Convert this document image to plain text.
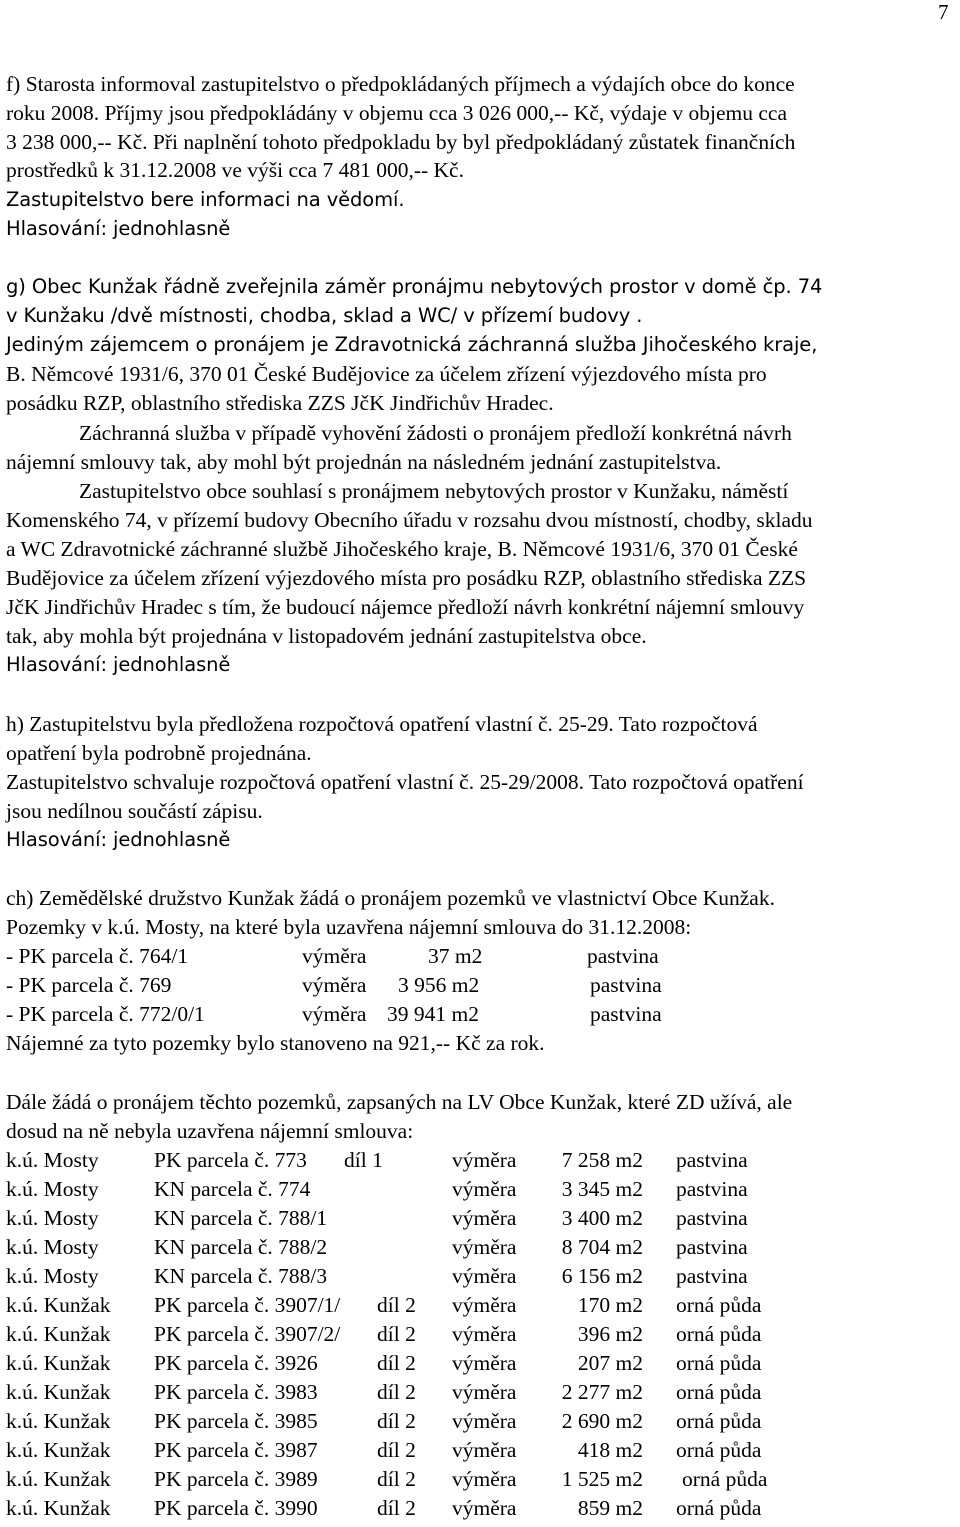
7
f) Starosta informoval zastupitelstvo o předpokládaných příjmech a výdajích obce do konce
roku 2008. Příjmy jsou předpokládány v objemu cca 3 026 000,-- Kč, výdaje v objemu cca
3 238 000,-- Kč. Při naplnění tohoto předpokladu by byl předpokládaný zůstatek finančních
prostředků k 31.12.2008 ve výši cca 7 481 000,-- Kč.
Zastupitelstvo bere informaci na vědomí.
Hlasování: jednohlasně
g) Obec Kunžak řádně zveřejnila záměr pronájmu nebytových prostor v domě čp. 74
v Kunžaku /dvě místnosti, chodba, sklad a WC/ v přízemí budovy .
Jediným zájemcem o pronájem je Zdravotnická záchranná služba Jihočeského kraje,
B. Němcové 1931/6, 370 01 České Budějovice za účelem zřízení výjezdového místa pro
posádku RZP, oblastního střediska ZZS JčK Jindřichův Hradec.
Záchranná služba v případě vyhovění žádosti o pronájem předloží konkrétná návrh
nájemní smlouvy tak, aby mohl být projednán na následném jednání zastupitelstva.
Zastupitelstvo obce souhlasí s pronájmem nebytových prostor v Kunžaku, náměstí
Komenského 74, v přízemí budovy Obecního úřadu v rozsahu dvou místností, chodby, skladu
a WC Zdravotnické záchranné službě Jihočeského kraje, B. Němcové 1931/6, 370 01 České
Budějovice za účelem zřízení výjezdového místa pro posádku RZP, oblastního střediska ZZS
JčK Jindřichův Hradec s tím, že budoucí nájemce předloží návrh konkrétní nájemní smlouvy
tak, aby mohla být projednána v listopadovém jednání zastupitelstva obce.
Hlasování: jednohlasně
h) Zastupitelstvu byla předložena rozpočtová opatření vlastní č. 25-29. Tato rozpočtová
opatření byla podrobně projednána.
Zastupitelstvo schvaluje rozpočtová opatření vlastní č. 25-29/2008. Tato rozpočtová opatření
jsou nedílnou součástí zápisu.
Hlasování: jednohlasně
ch) Zemědělské družstvo Kunžak žádá o pronájem pozemků ve vlastnictví Obce Kunžak.
Pozemky v k.ú. Mosty, na které byla uzavřena nájemní smlouva do 31.12.2008:
- PK parcela č. 764/1	výměra	37 m2	pastvina
- PK parcela č. 769	výměra 3 956 m2	pastvina
- PK parcela č. 772/0/1	výměra 39 941 m2	pastvina
Nájemné za tyto pozemky bylo stanoveno na 921,-- Kč za rok.
Dále žádá o pronájem těchto pozemků, zapsaných na LV Obce Kunžak, které ZD užívá, ale
dosud na ně nebyla uzavřena nájemní smlouva:
k.ú. Mosty	PK parcela č. 773 díl 1	výměra 7 258 m2 pastvina
k.ú. Mosty	KN parcela č. 774	výměra 3 345 m2 pastvina
k.ú. Mosty	KN parcela č. 788/1	výměra 3 400 m2 pastvina
k.ú. Mosty	KN parcela č. 788/2	výměra 8 704 m2 pastvina
k.ú. Mosty	KN parcela č. 788/3	výměra 6 156 m2 pastvina
k.ú. Kunžak PK parcela č. 3907/1/ díl 2 výměra	170 m2 orná půda
k.ú. Kunžak PK parcela č. 3907/2/ díl 2 výměra	396 m2 orná půda
k.ú. Kunžak PK parcela č. 3926	díl 2 výměra	207 m2 orná půda
k.ú. Kunžak PK parcela č. 3983	díl 2 výměra 2 277 m2 orná půda
k.ú. Kunžak PK parcela č. 3985	díl 2 výměra 2 690 m2 orná půda
k.ú. Kunžak PK parcela č. 3987	díl 2 výměra	418 m2 orná půda
k.ú. Kunžak PK parcela č. 3989	díl 2 výměra 1 525 m2 orná půda
k.ú. Kunžak PK parcela č. 3990	díl 2 výměra	859 m2 orná půda
